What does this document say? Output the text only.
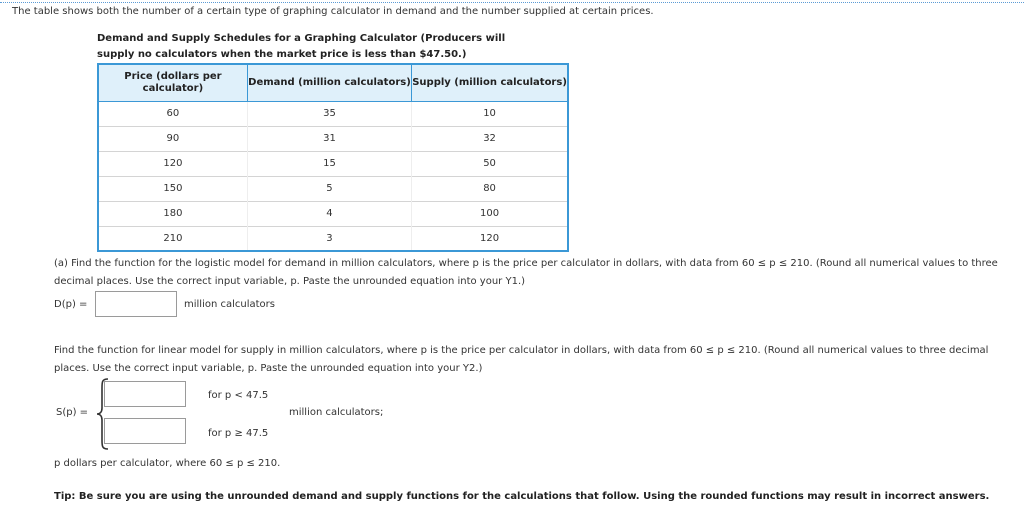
The table shows both the number of a certain type of graphing calculator in demand and the number supplied at certain prices.
Demand and Supply Schedules for a Graphing Calculator (Producers will supply no calculators when the market price is less than $47.50.)
Price (dollars per calculator)	Demand (million calculators)	Supply (million calculators)
60	35	10
90	31	32
120	15	50
150	5	80
180	4	100
210	3	120
(a) Find the function for the logistic model for demand in million calculators, where p is the price per calculator in dollars, with data from 60 ≤ p ≤ 210. (Round all numerical values to three decimal places. Use the correct input variable, p. Paste the unrounded equation into your Y1.)
D(p) =	million calculators
Find the function for linear model for supply in million calculators, where p is the price per calculator in dollars, with data from 60 ≤ p ≤ 210. (Round all numerical values to three decimal places. Use the correct input variable, p. Paste the unrounded equation into your Y2.)
S(p) =
for p < 47.5
for p ≥ 47.5
million calculators;
p dollars per calculator, where 60 ≤ p ≤ 210.
Tip: Be sure you are using the unrounded demand and supply functions for the calculations that follow. Using the rounded functions may result in incorrect answers.
